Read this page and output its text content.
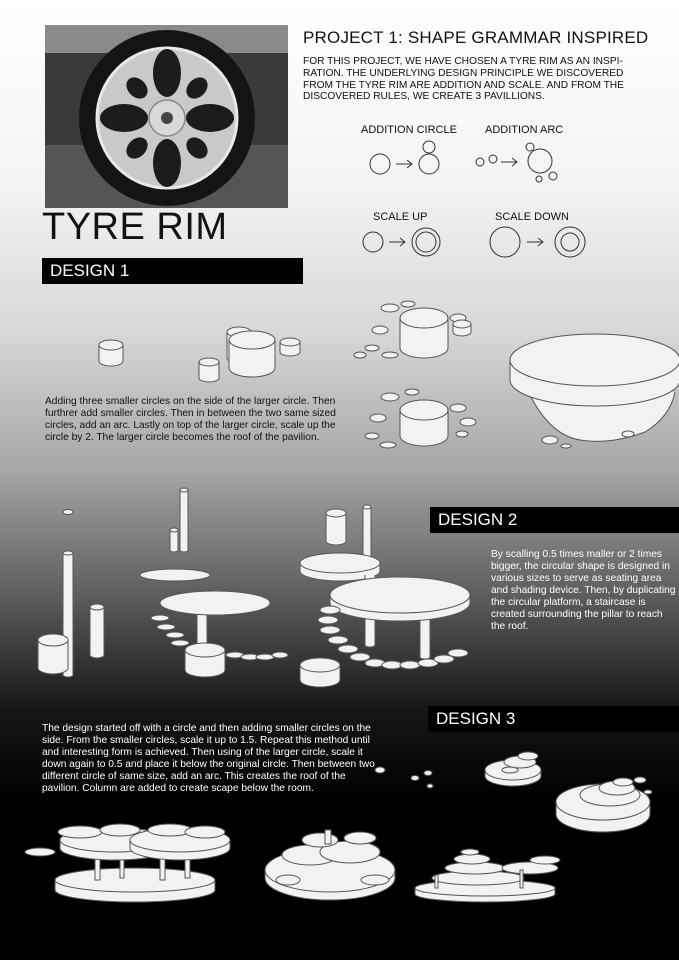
PROJECT 1: SHAPE GRAMMAR INSPIRED
FOR THIS PROJECT, WE HAVE CHOSEN A TYRE RIM AS AN INSPI-RATION. THE UNDERLYING DESIGN PRINCIPLE WE DISCOVERED FROM THE TYRE RIM ARE ADDITION AND SCALE. AND FROM THE DISCOVERED RULES, WE CREATE 3 PAVILLIONS.
TYRE RIM
ADDITION CIRCLE	ADDITION ARC
SCALE UP	SCALE DOWN
DESIGN 1
Adding three smaller circles on the side of the larger circle. Then furthrer add smaller circles. Then in between the two same sized circles, add an arc. Lastly on top of the larger circle, scale up the circle by 2. The larger circle becomes the roof of the pavilion.
DESIGN 2
By scalling 0.5 times maller or 2 times bigger, the circular shape is designed in various sizes to serve as seating area and shading device. Then, by duplicating the circular platform, a staircase is created surrounding the pillar to reach the roof.
DESIGN 3
The design started off with a circle and then adding smaller circles on the side. From the smaller circles, scale it up to 1.5. Repeat this method until and interesting form is achieved. Then using of the larger circle, scale it down again to 0.5 and place it below the original circle. Then between two different circle of same size, add an arc. This creates the roof of the pavilion. Column are added to create scape below the room.
